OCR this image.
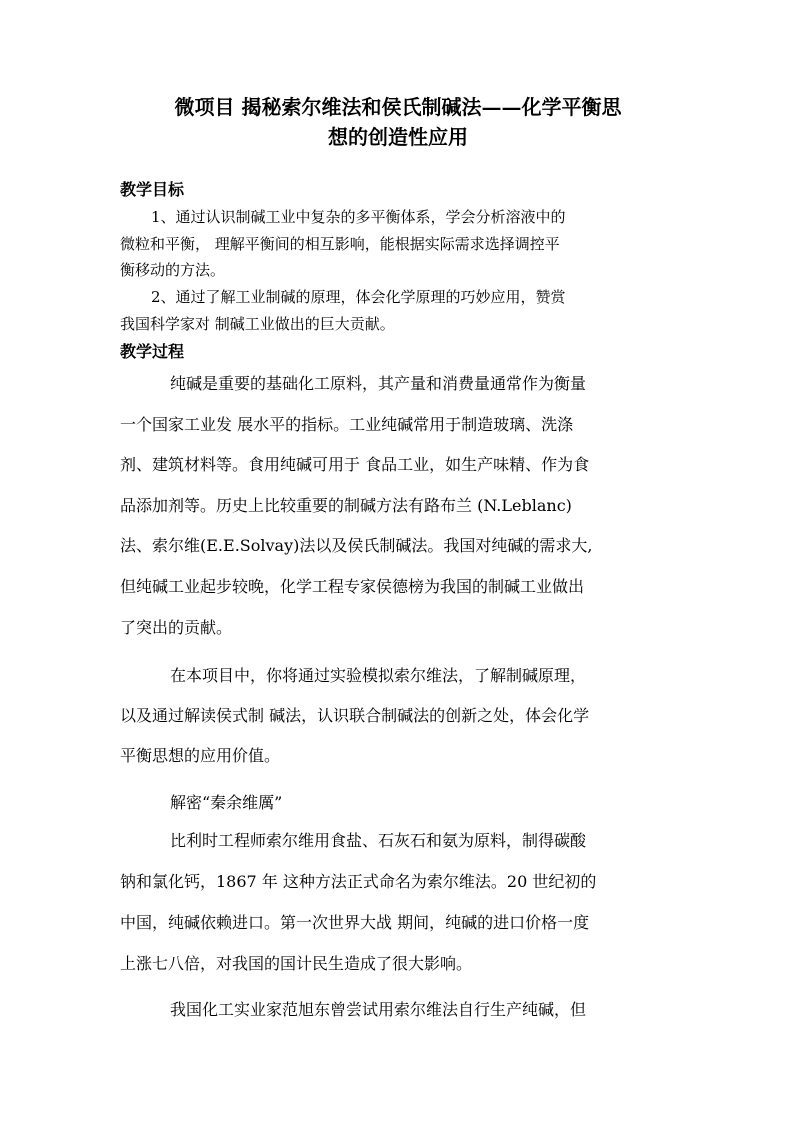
微项目 揭秘索尔维法和侯氏制碱法——化学平衡思
想的创造性应用
教学目标
1、通过认识制碱工业中复杂的多平衡体系，学会分析溶液中的
微粒和平衡， 理解平衡间的相互影响，能根据实际需求选择调控平
衡移动的方法。
2、通过了解工业制碱的原理，体会化学原理的巧妙应用，赞赏
我国科学家对 制碱工业做出的巨大贡献。
教学过程
纯碱是重要的基础化工原料，其产量和消费量通常作为衡量
一个国家工业发 展水平的指标。工业纯碱常用于制造玻璃、洗涤
剂、建筑材料等。食用纯碱可用于 食品工业，如生产味精、作为食
品添加剂等。历史上比较重要的制碱方法有路布兰 (N.Leblanc)
法、索尔维(E.E.Solvay)法以及侯氏制碱法。我国对纯碱的需求大,
但纯碱工业起步较晚，化学工程专家侯德榜为我国的制碱工业做出
了突出的贡献。
在本项目中，你将通过实验模拟索尔维法，了解制碱原理，
以及通过解读侯式制 碱法，认识联合制碱法的创新之处，体会化学
平衡思想的应用价值。
解密“秦余维厲”
比利时工程师索尔维用食盐、石灰石和氨为原料，制得碳酸
钠和氯化钙，1867 年 这种方法正式命名为索尔维法。20 世纪初的
中国，纯碱依赖进口。第一次世界大战 期间，纯碱的进口价格一度
上涨七八倍，对我国的国计民生造成了很大影响。
我国化工实业家范旭东曾尝试用索尔维法自行生产纯碱，但
